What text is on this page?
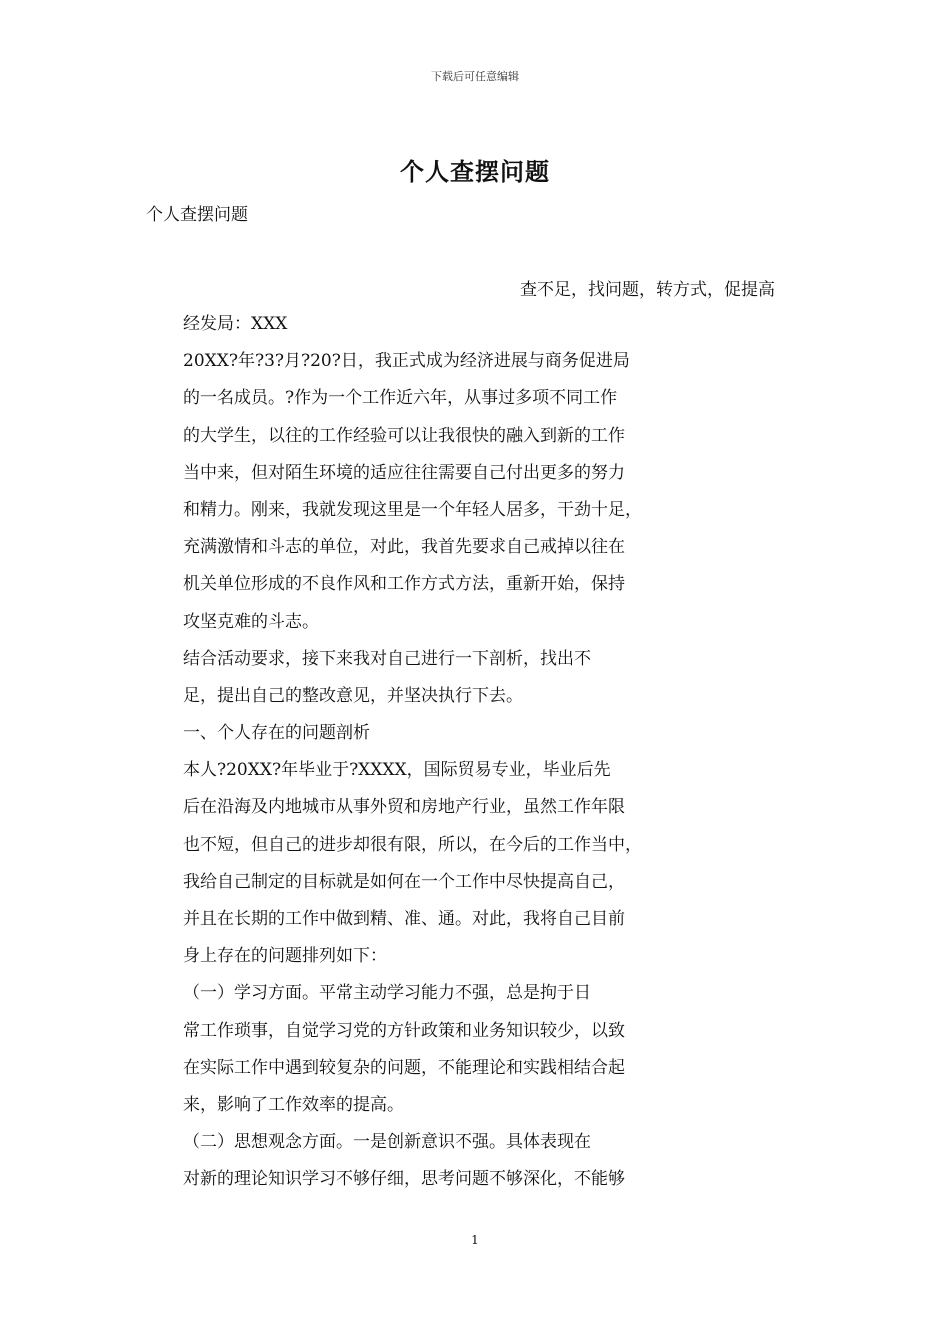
下载后可任意编辑
个人查摆问题
个人查摆问题
查不足，找问题，转方式，促提高
经发局：XXX
20XX?年?3?月?20?日，我正式成为经济进展与商务促进局
的一名成员。?作为一个工作近六年，从事过多项不同工作
的大学生，以往的工作经验可以让我很快的融入到新的工作
当中来，但对陌生环境的适应往往需要自己付出更多的努力
和精力。刚来，我就发现这里是一个年轻人居多，干劲十足，
充满激情和斗志的单位，对此，我首先要求自己戒掉以往在
机关单位形成的不良作风和工作方式方法，重新开始，保持
攻坚克难的斗志。
结合活动要求，接下来我对自己进行一下剖析，找出不
足，提出自己的整改意见，并坚决执行下去。
一、个人存在的问题剖析
本人?20XX?年毕业于?XXXX，国际贸易专业，毕业后先
后在沿海及内地城市从事外贸和房地产行业，虽然工作年限
也不短，但自己的进步却很有限，所以，在今后的工作当中，
我给自己制定的目标就是如何在一个工作中尽快提高自己，
并且在长期的工作中做到精、准、通。对此，我将自己目前
身上存在的问题排列如下：
（一）学习方面。平常主动学习能力不强，总是拘于日
常工作琐事，自觉学习党的方针政策和业务知识较少，以致
在实际工作中遇到较复杂的问题，不能理论和实践相结合起
来，影响了工作效率的提高。
（二）思想观念方面。一是创新意识不强。具体表现在
对新的理论知识学习不够仔细，思考问题不够深化，不能够
1
